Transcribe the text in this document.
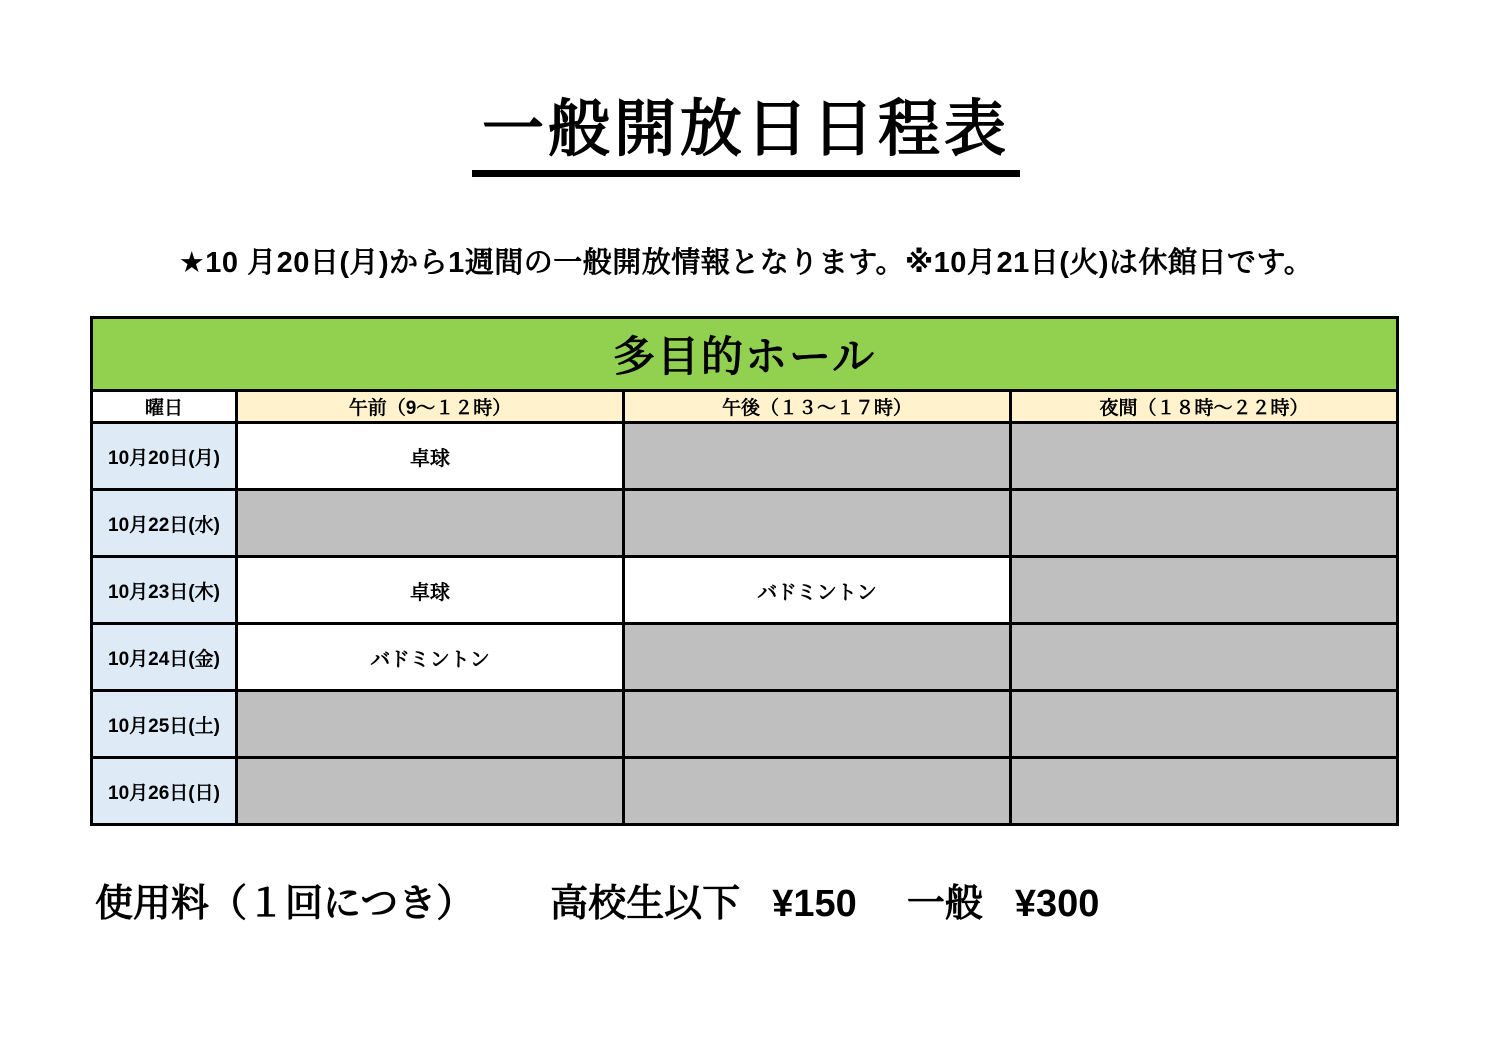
一般開放日日程表

★10 月20日(月)から1週間の一般開放情報となります。※10月21日(火)は休館日です。

多目的ホール			
曜日	午前（9～１２時）	午後（１３～１７時）	夜間（１８時～２２時）
10月20日(月)	卓球		
10月22日(水)			
10月23日(木)	卓球	バドミントン	
10月24日(金)	バドミントン		
10月25日(土)			
10月26日(日)			

使用料（１回につき） 高校生以下 ¥150 一般 ¥300
